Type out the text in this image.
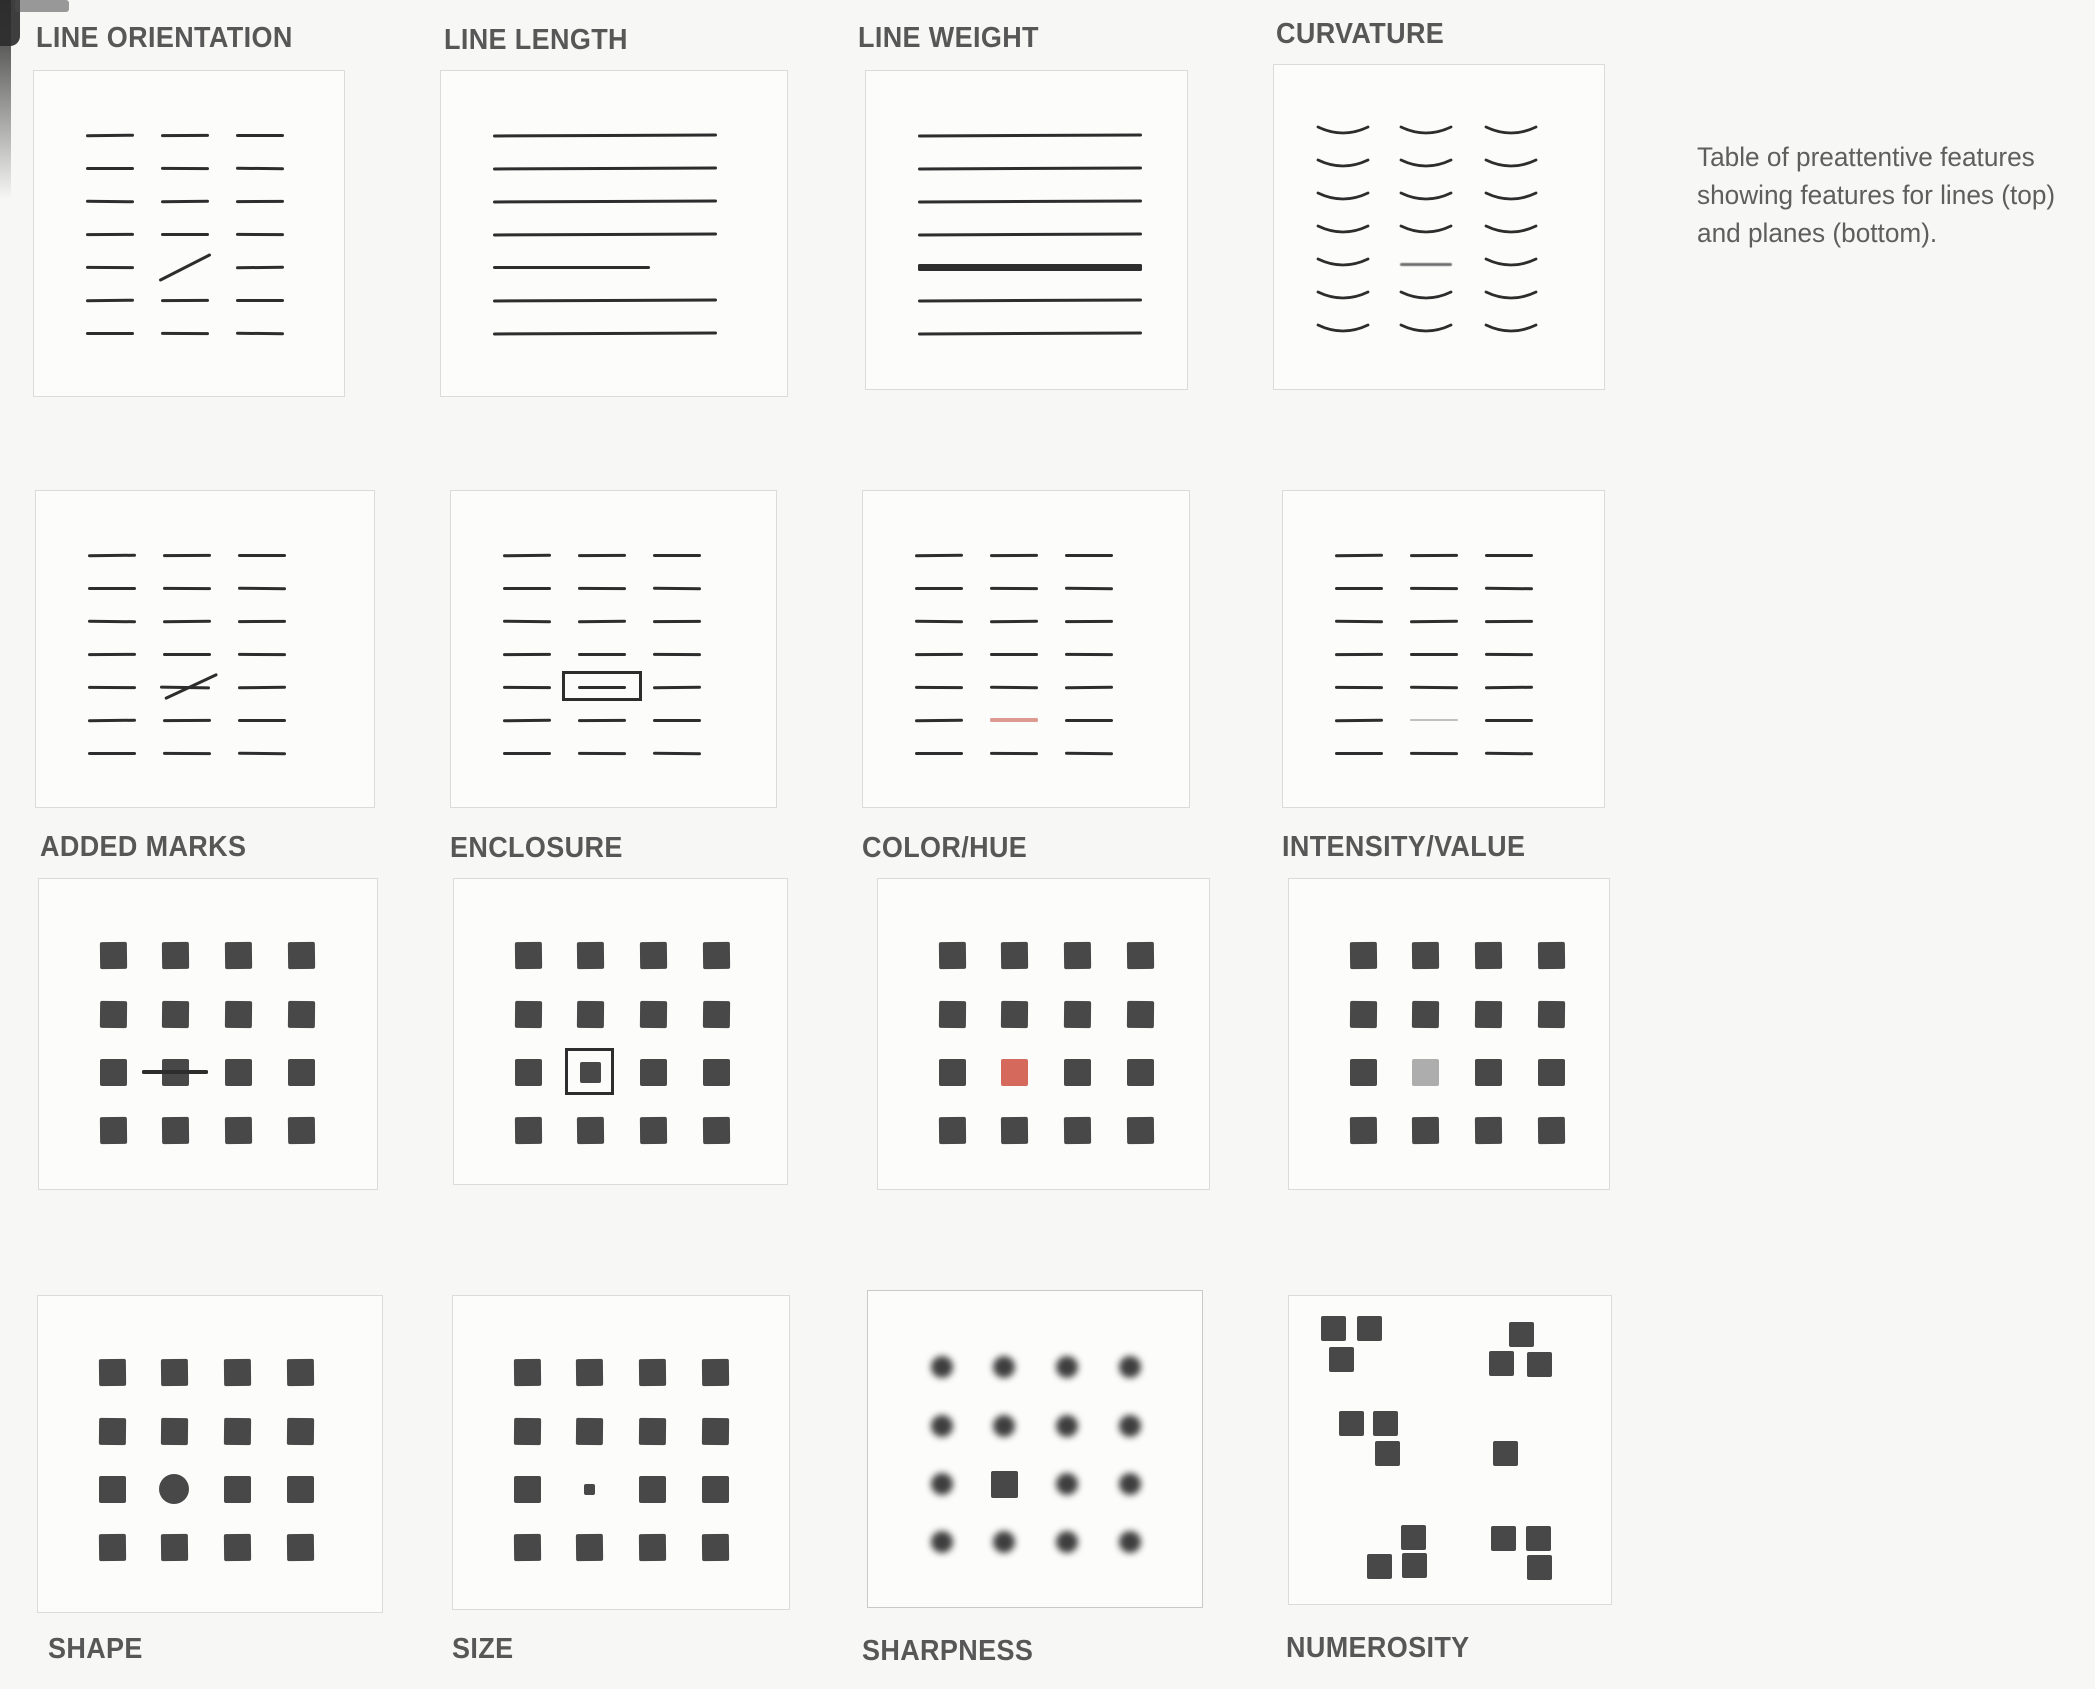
LINE ORIENTATION	LINE LENGTH	LINE WEIGHT	CURVATURE
ADDED MARKS	ENCLOSURE	COLOR/HUE	INTENSITY/VALUE
SHAPE	SIZE	SHARPNESS	NUMEROSITY
Table of preattentive features
showing features for lines (top)
and planes (bottom).
